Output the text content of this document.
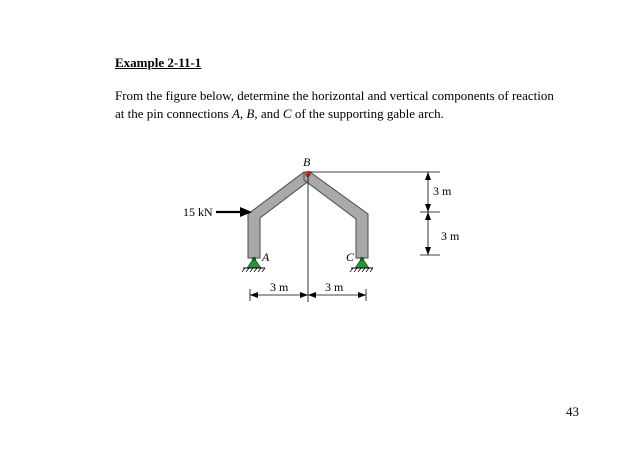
Example 2-11-1
From the figure below, determine the horizontal and vertical components of reaction at the pin connections A, B, and C of the supporting gable arch.
B
A	C
15 kN
3 m
3 m
3 m	3 m
43
